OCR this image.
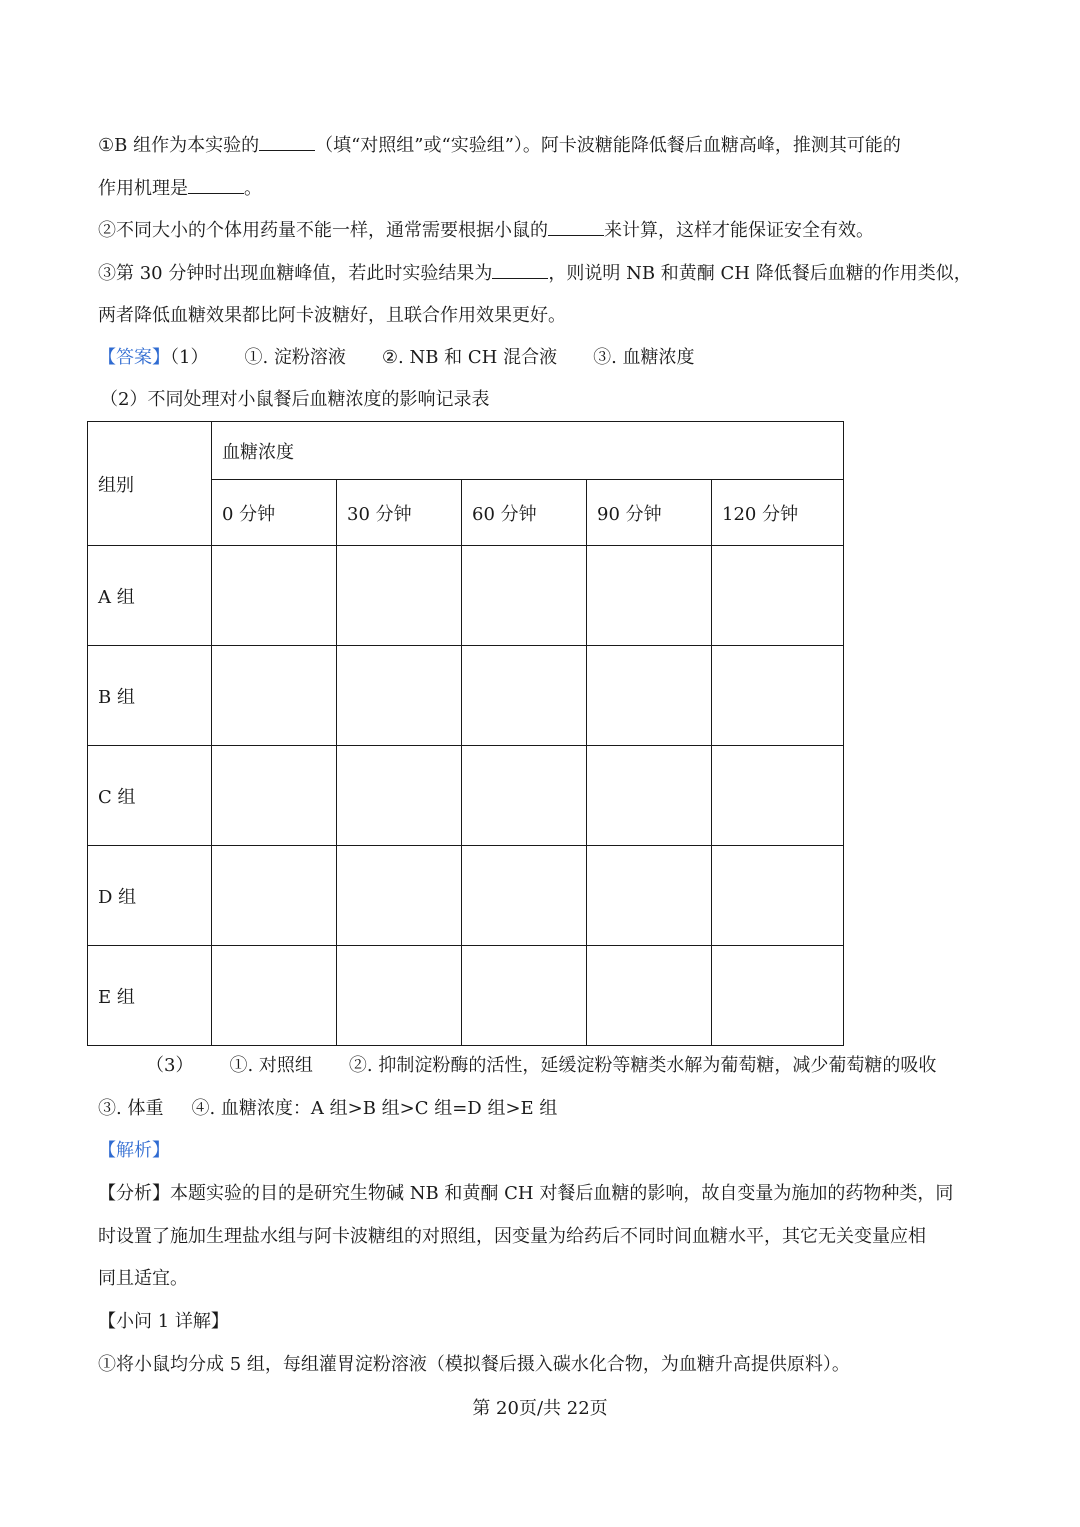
①B 组作为本实验的	（填“对照组”或“实验组”）。阿卡波糖能降低餐后血糖高峰，推测其可能的
作用机理是	。
②不同大小的个体用药量不能一样，通常需要根据小鼠的	来计算，这样才能保证安全有效。
③第 30 分钟时出现血糖峰值，若此时实验结果为	，则说明 NB 和黄酮 CH 降低餐后血糖的作用类似，
两者降低血糖效果都比阿卡波糖好，且联合作用效果更好。
【答案】（1） ①. 淀粉溶液 ②. NB 和 CH 混合液 ③. 血糖浓度
（2）不同处理对小鼠餐后血糖浓度的影响记录表
组别	血糖浓度				
	0 分钟	30 分钟	60 分钟	90 分钟	120 分钟
A 组					
B 组					
C 组					
D 组					
E 组					
（3） ①. 对照组 ②. 抑制淀粉酶的活性，延缓淀粉等糖类水解为葡萄糖，减少葡萄糖的吸收
③. 体重 ④. 血糖浓度：A 组>B 组>C 组=D 组>E 组
【解析】
【分析】本题实验的目的是研究生物碱 NB 和黄酮 CH 对餐后血糖的影响，故自变量为施加的药物种类，同
时设置了施加生理盐水组与阿卡波糖组的对照组，因变量为给药后不同时间血糖水平，其它无关变量应相
同且适宜。
【小问 1 详解】
①将小鼠均分成 5 组，每组灌胃淀粉溶液（模拟餐后摄入碳水化合物，为血糖升高提供原料）。
第 20页/共 22页
